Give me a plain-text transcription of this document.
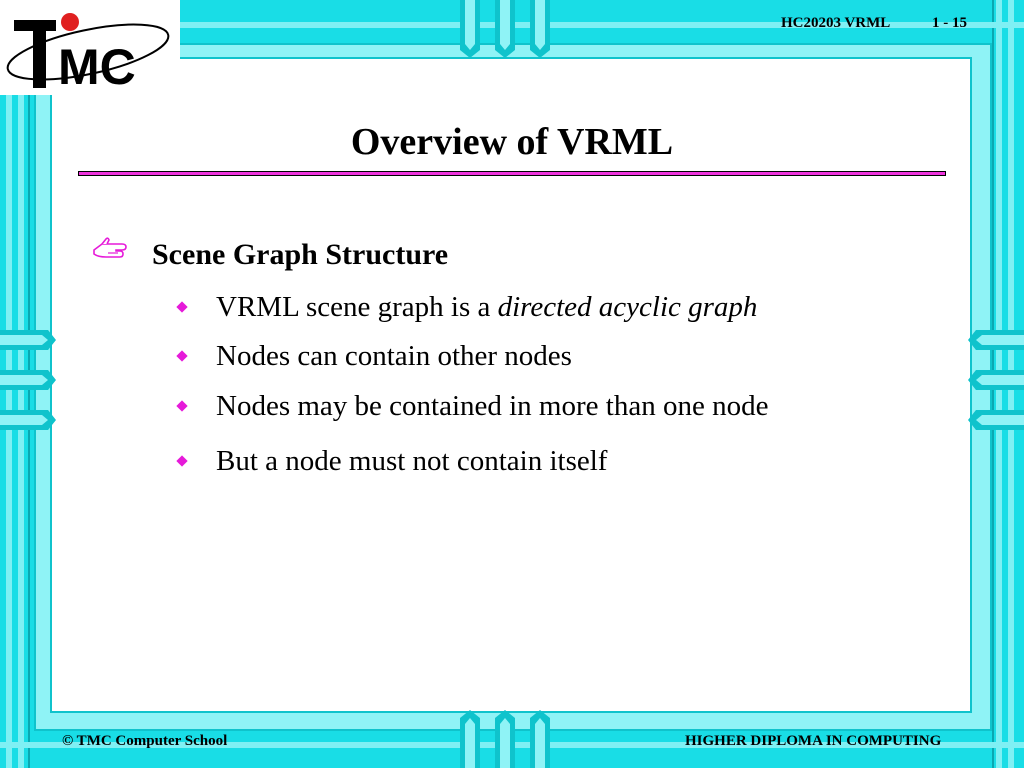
MC
HC20203 VRML	1 - 15
Overview of VRML
Scene Graph Structure
VRML scene graph is a directed acyclic graph
Nodes can contain other nodes
Nodes may be contained in more than one node
But a node must not contain itself
© TMC Computer School	HIGHER DIPLOMA IN COMPUTING
